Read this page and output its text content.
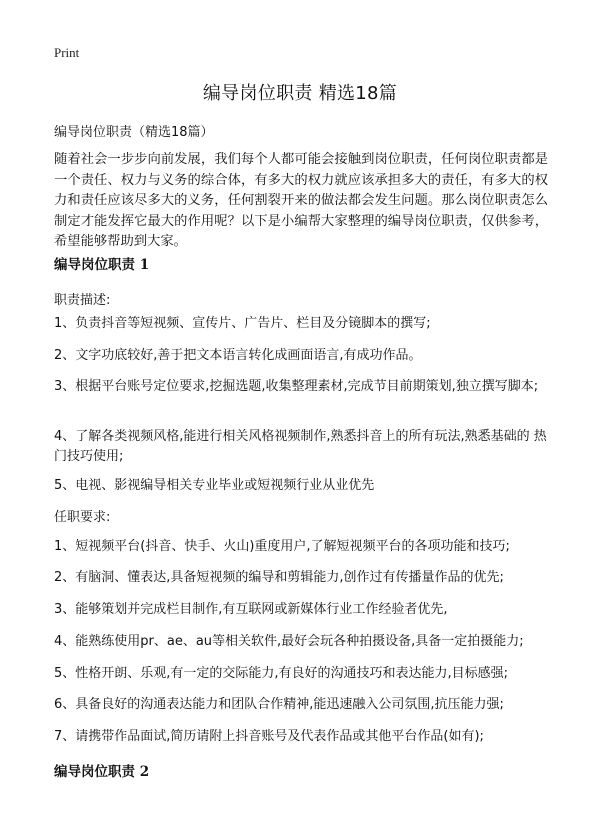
Print
编导岗位职责 精选18篇
编导岗位职责（精选18篇）

随着社会一步步向前发展，我们每个人都可能会接触到岗位职责，任何岗位职责都是一个责任、权力与义务的综合体，有多大的权力就应该承担多大的责任，有多大的权力和责任应该尽多大的义务，任何割裂开来的做法都会发生问题。那么岗位职责怎么制定才能发挥它最大的作用呢？以下是小编帮大家整理的编导岗位职责，仅供参考，希望能够帮助到大家。

编导岗位职责 1

职责描述:

1、负责抖音等短视频、宣传片、广告片、栏目及分镜脚本的撰写;

2、文字功底较好,善于把文本语言转化成画面语言,有成功作品。

3、根据平台账号定位要求,挖掘选题,收集整理素材,完成节目前期策划,独立撰写脚本;

4、了解各类视频风格,能进行相关风格视频制作,熟悉抖音上的所有玩法,熟悉基础的 热门技巧使用;

5、电视、影视编导相关专业毕业或短视频行业从业优先

任职要求:

1、短视频平台(抖音、快手、火山)重度用户,了解短视频平台的各项功能和技巧;

2、有脑洞、懂表达,具备短视频的编导和剪辑能力,创作过有传播量作品的优先;

3、能够策划并完成栏目制作,有互联网或新媒体行业工作经验者优先,

4、能熟练使用pr、ae、au等相关软件,最好会玩各种拍摄设备,具备一定拍摄能力;

5、性格开朗、乐观,有一定的交际能力,有良好的沟通技巧和表达能力,目标感强;

6、具备良好的沟通表达能力和团队合作精神,能迅速融入公司氛围,抗压能力强;

7、请携带作品面试,简历请附上抖音账号及代表作品或其他平台作品(如有);

编导岗位职责 2
